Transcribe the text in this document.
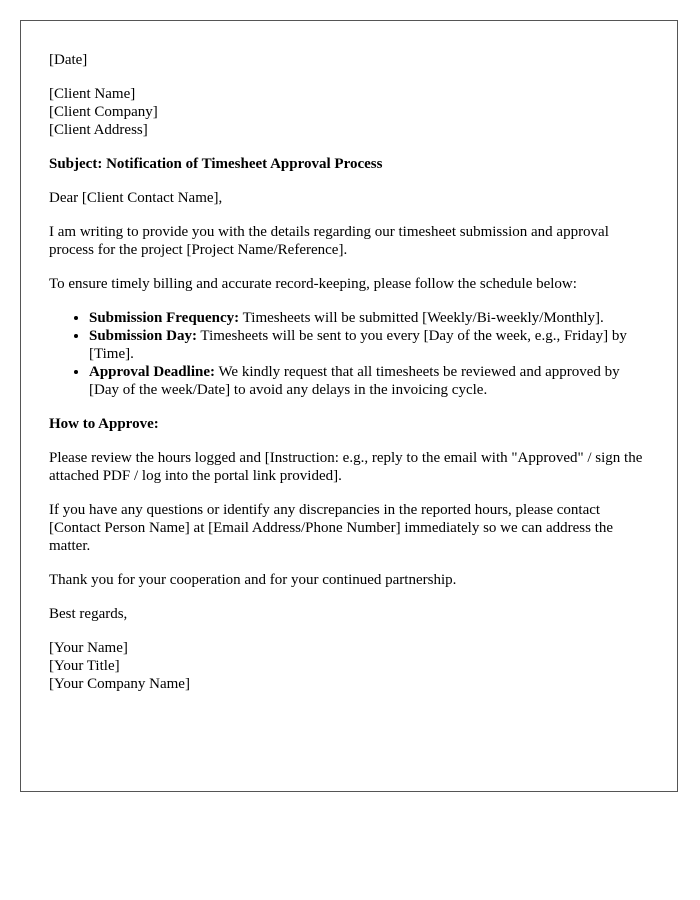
[Date]

[Client Name]

[Client Company]

[Client Address]

Subject: Notification of Timesheet Approval Process

Dear [Client Contact Name],

I am writing to provide you with the details regarding our timesheet submission and approval process for the project [Project Name/Reference].

To ensure timely billing and accurate record-keeping, please follow the schedule below:

• Submission Frequency: Timesheets will be submitted [Weekly/Bi-weekly/Monthly].
• Submission Day: Timesheets will be sent to you every [Day of the week, e.g., Friday] by [Time].
• Approval Deadline: We kindly request that all timesheets be reviewed and approved by [Day of the week/Date] to avoid any delays in the invoicing cycle.

How to Approve:

Please review the hours logged and [Instruction: e.g., reply to the email with "Approved" / sign the attached PDF / log into the portal link provided].

If you have any questions or identify any discrepancies in the reported hours, please contact [Contact Person Name] at [Email Address/Phone Number] immediately so we can address the matter.

Thank you for your cooperation and for your continued partnership.

Best regards,

[Your Name]

[Your Title]

[Your Company Name]
